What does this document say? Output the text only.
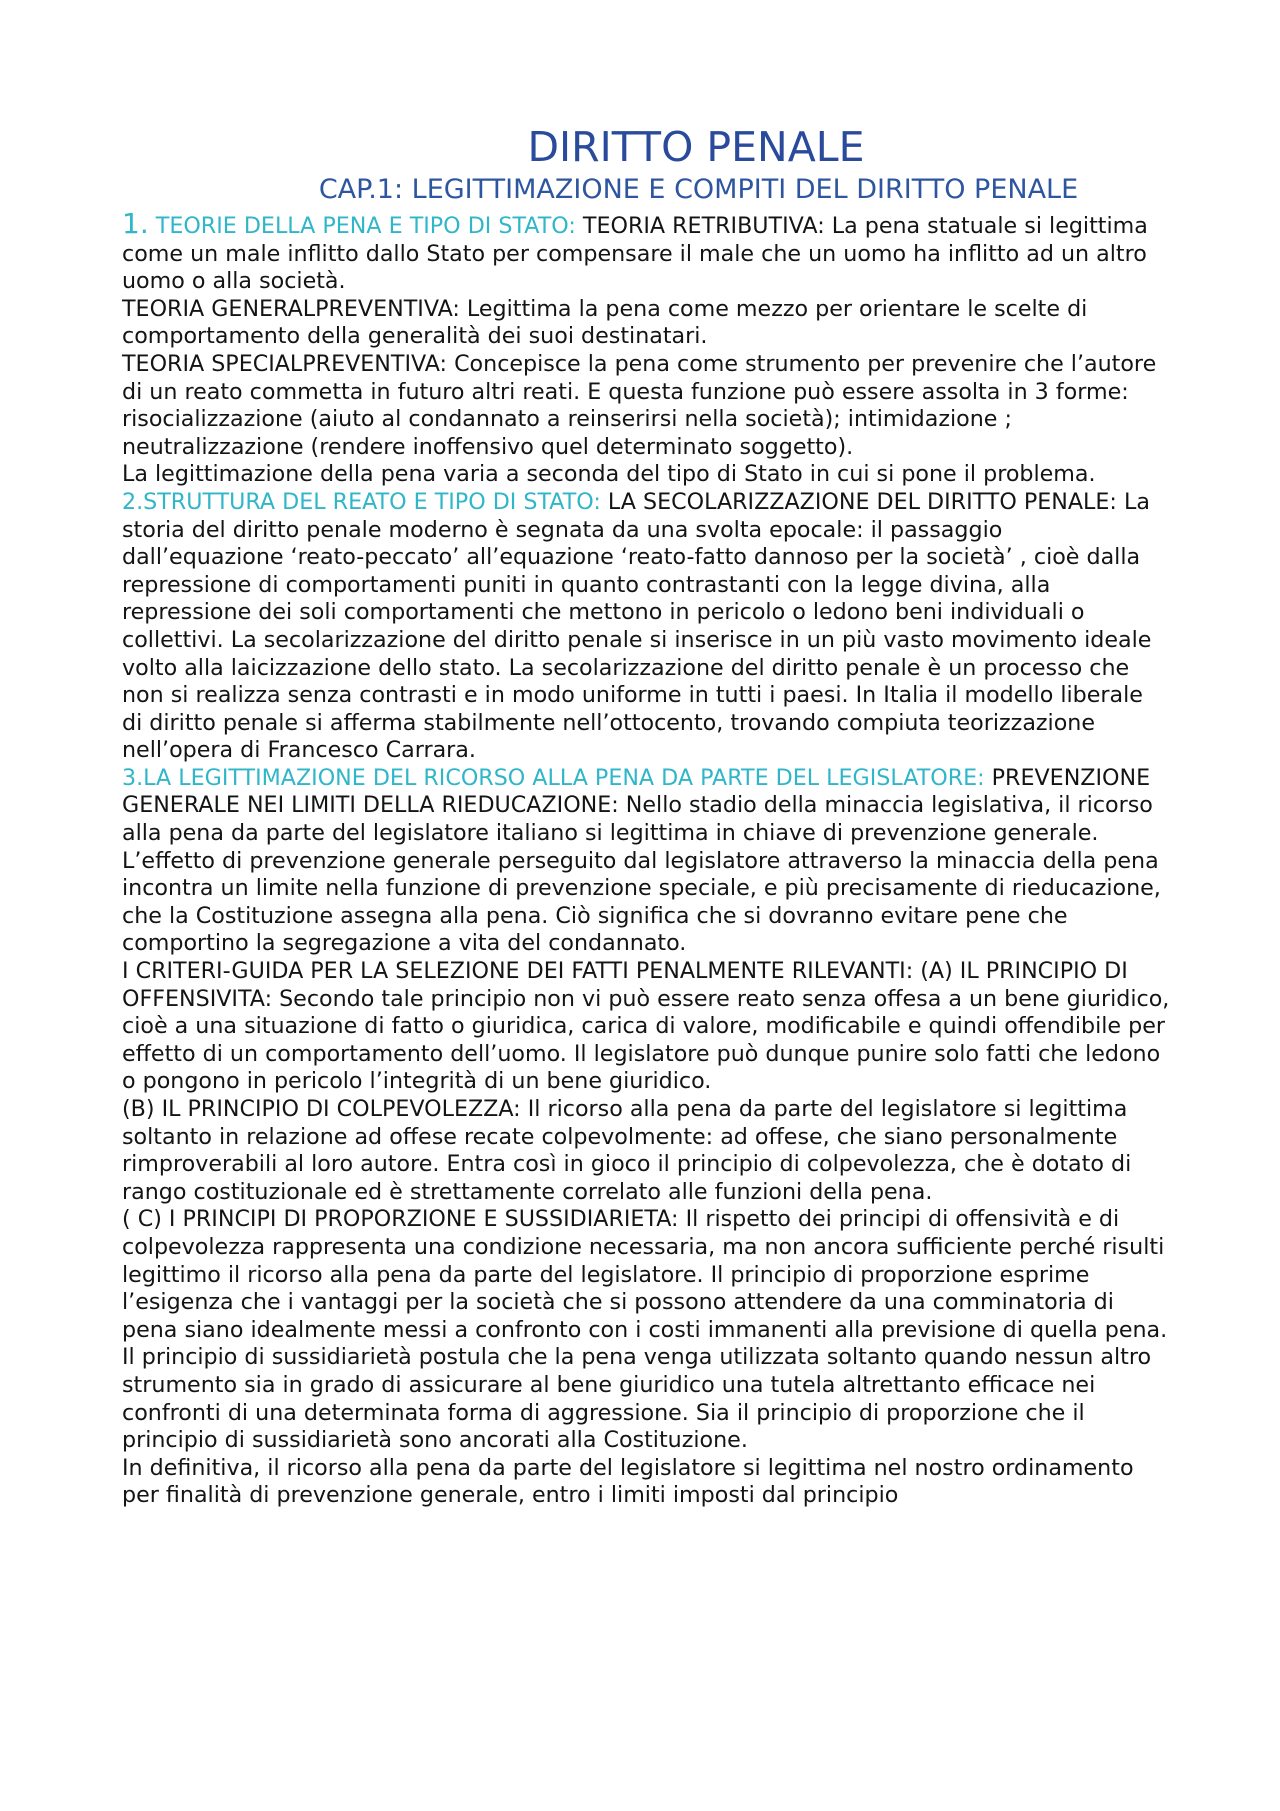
DIRITTO PENALE
CAP.1: LEGITTIMAZIONE E COMPITI DEL DIRITTO PENALE

1. TEORIE DELLA PENA E TIPO DI STATO: TEORIA RETRIBUTIVA: La pena statuale si legittima come un male inflitto dallo Stato per compensare il male che un uomo ha inflitto ad un altro uomo o alla società.

TEORIA GENERALPREVENTIVA: Legittima la pena come mezzo per orientare le scelte di comportamento della generalità dei suoi destinatari.

TEORIA SPECIALPREVENTIVA: Concepisce la pena come strumento per prevenire che l’autore di un reato commetta in futuro altri reati. E questa funzione può essere assolta in 3 forme: risocializzazione (aiuto al condannato a reinserirsi nella società); intimidazione ; neutralizzazione (rendere inoffensivo quel determinato soggetto).

La legittimazione della pena varia a seconda del tipo di Stato in cui si pone il problema.

2.STRUTTURA DEL REATO E TIPO DI STATO: LA SECOLARIZZAZIONE DEL DIRITTO PENALE: La storia del diritto penale moderno è segnata da una svolta epocale: il passaggio dall’equazione ‘reato-peccato’ all’equazione ‘reato-fatto dannoso per la società’ , cioè dalla repressione di comportamenti puniti in quanto contrastanti con la legge divina, alla repressione dei soli comportamenti che mettono in pericolo o ledono beni individuali o collettivi. La secolarizzazione del diritto penale si inserisce in un più vasto movimento ideale volto alla laicizzazione dello stato. La secolarizzazione del diritto penale è un processo che non si realizza senza contrasti e in modo uniforme in tutti i paesi. In Italia il modello liberale di diritto penale si afferma stabilmente nell’ottocento, trovando compiuta teorizzazione nell’opera di Francesco Carrara.

3.LA LEGITTIMAZIONE DEL RICORSO ALLA PENA DA PARTE DEL LEGISLATORE: PREVENZIONE GENERALE NEI LIMITI DELLA RIEDUCAZIONE: Nello stadio della minaccia legislativa, il ricorso alla pena da parte del legislatore italiano si legittima in chiave di prevenzione generale. L’effetto di prevenzione generale perseguito dal legislatore attraverso la minaccia della pena incontra un limite nella funzione di prevenzione speciale, e più precisamente di rieducazione, che la Costituzione assegna alla pena. Ciò significa che si dovranno evitare pene che comportino la segregazione a vita del condannato.

I CRITERI-GUIDA PER LA SELEZIONE DEI FATTI PENALMENTE RILEVANTI: (A) IL PRINCIPIO DI OFFENSIVITA: Secondo tale principio non vi può essere reato senza offesa a un bene giuridico, cioè a una situazione di fatto o giuridica, carica di valore, modificabile e quindi offendibile per effetto di un comportamento dell’uomo. Il legislatore può dunque punire solo fatti che ledono o pongono in pericolo l’integrità di un bene giuridico.

(B) IL PRINCIPIO DI COLPEVOLEZZA: Il ricorso alla pena da parte del legislatore si legittima soltanto in relazione ad offese recate colpevolmente: ad offese, che siano personalmente rimproverabili al loro autore. Entra così in gioco il principio di colpevolezza, che è dotato di rango costituzionale ed è strettamente correlato alle funzioni della pena.

( C) I PRINCIPI DI PROPORZIONE E SUSSIDIARIETA: Il rispetto dei principi di offensività e di colpevolezza rappresenta una condizione necessaria, ma non ancora sufficiente perché risulti legittimo il ricorso alla pena da parte del legislatore. Il principio di proporzione esprime l’esigenza che i vantaggi per la società che si possono attendere da una comminatoria di pena siano idealmente messi a confronto con i costi immanenti alla previsione di quella pena. Il principio di sussidiarietà postula che la pena venga utilizzata soltanto quando nessun altro strumento sia in grado di assicurare al bene giuridico una tutela altrettanto efficace nei confronti di una determinata forma di aggressione. Sia il principio di proporzione che il principio di sussidiarietà sono ancorati alla Costituzione.

In definitiva, il ricorso alla pena da parte del legislatore si legittima nel nostro ordinamento per finalità di prevenzione generale, entro i limiti imposti dal principio
